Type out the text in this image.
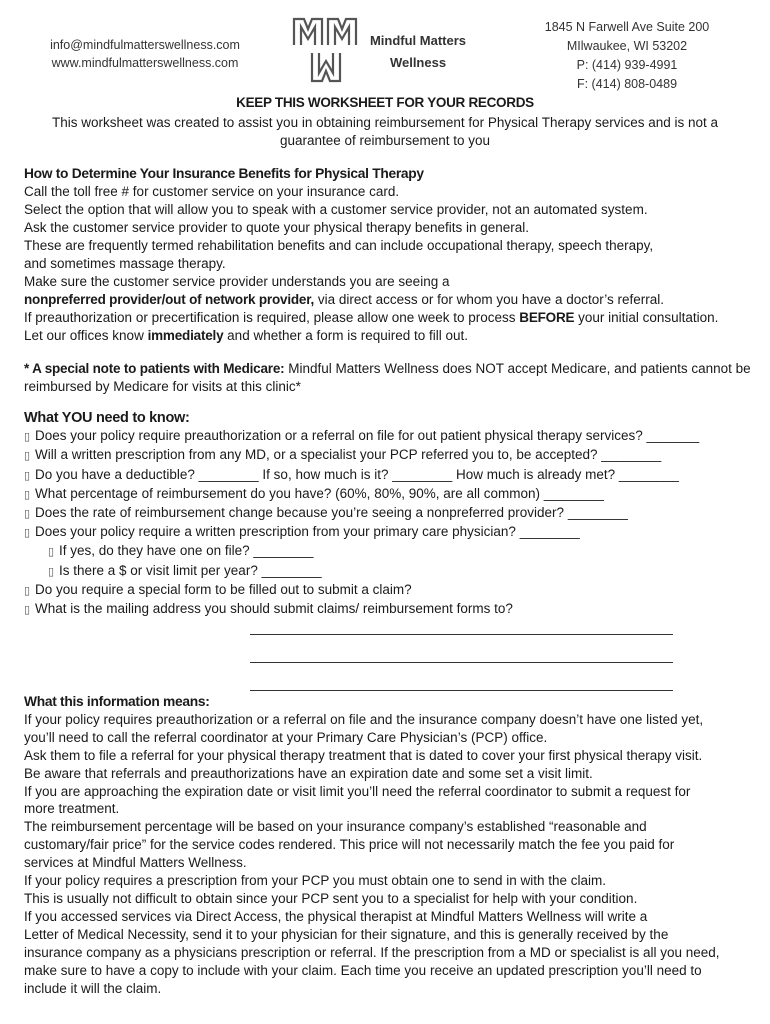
info@mindfulmatterswellness.com
www.mindfulmatterswellness.com
Mindful Matters
Wellness
1845 N Farwell Ave Suite 200
MIlwaukee, WI 53202
P: (414) 939-4991
F: (414) 808-0489
KEEP THIS WORKSHEET FOR YOUR RECORDS
This worksheet was created to assist you in obtaining reimbursement for Physical Therapy services and is not a guarantee of reimbursement to you

How to Determine Your Insurance Benefits for Physical Therapy

Call the toll free # for customer service on your insurance card.

Select the option that will allow you to speak with a customer service provider, not an automated system.

Ask the customer service provider to quote your physical therapy benefits in general.

These are frequently termed rehabilitation benefits and can include occupational therapy, speech therapy,

and sometimes massage therapy.

Make sure the customer service provider understands you are seeing a

nonpreferred provider/out of network provider, via direct access or for whom you have a doctor’s referral.

If preauthorization or precertification is required, please allow one week to process BEFORE your initial consultation.

Let our offices know immediately and whether a form is required to fill out.

* A special note to patients with Medicare: Mindful Matters Wellness does NOT accept Medicare, and patients cannot be reimbursed by Medicare for visits at this clinic*

What YOU need to know:

▯ Does your policy require preauthorization or a referral on file for out patient physical therapy services? _______

▯ Will a written prescription from any MD, or a specialist your PCP referred you to, be accepted? ________

▯ Do you have a deductible? ________ If so, how much is it? ________ How much is already met? ________

▯ What percentage of reimbursement do you have? (60%, 80%, 90%, are all common) ________

▯ Does the rate of reimbursement change because you’re seeing a nonpreferred provider? ________

▯ Does your policy require a written prescription from your primary care physician? ________

▯ If yes, do they have one on file? ________

▯ Is there a $ or visit limit per year? ________

▯ Do you require a special form to be filled out to submit a claim?

▯ What is the mailing address you should submit claims/ reimbursement forms to?

What this information means:

If your policy requires preauthorization or a referral on file and the insurance company doesn’t have one listed yet,

you’ll need to call the referral coordinator at your Primary Care Physician’s (PCP) office.

Ask them to file a referral for your physical therapy treatment that is dated to cover your first physical therapy visit.

Be aware that referrals and preauthorizations have an expiration date and some set a visit limit.

If you are approaching the expiration date or visit limit you’ll need the referral coordinator to submit a request for

more treatment.

The reimbursement percentage will be based on your insurance company’s established “reasonable and

customary/fair price” for the service codes rendered. This price will not necessarily match the fee you paid for

services at Mindful Matters Wellness.

If your policy requires a prescription from your PCP you must obtain one to send in with the claim.

This is usually not difficult to obtain since your PCP sent you to a specialist for help with your condition.

If you accessed services via Direct Access, the physical therapist at Mindful Matters Wellness will write a

Letter of Medical Necessity, send it to your physician for their signature, and this is generally received by the

insurance company as a physicians prescription or referral. If the prescription from a MD or specialist is all you need,

make sure to have a copy to include with your claim. Each time you receive an updated prescription you’ll need to

include it will the claim.
